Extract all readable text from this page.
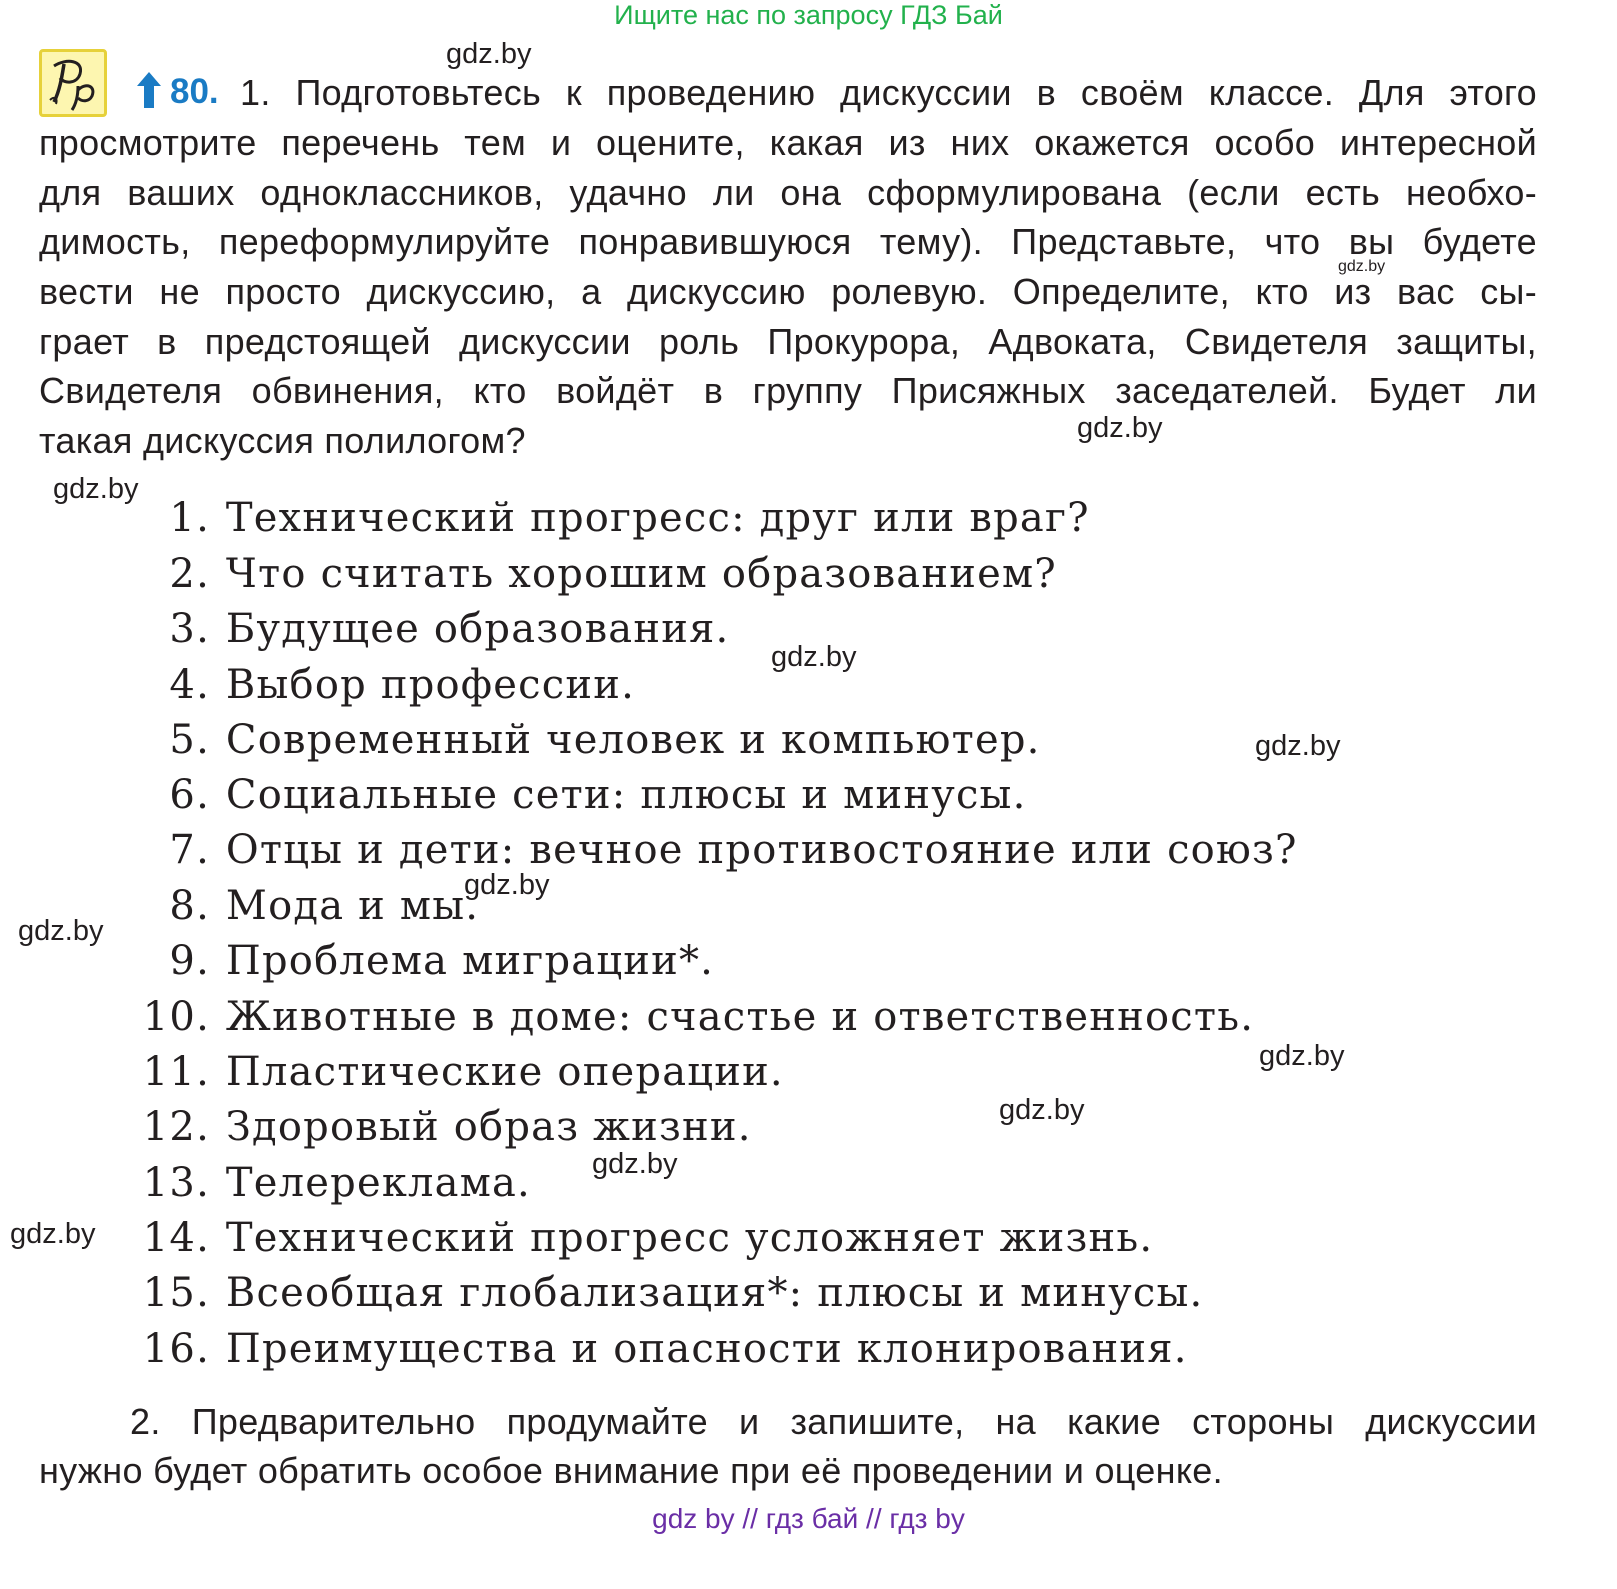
Ищите нас по запросу ГДЗ Бай
gdz.by
gdz.by
gdz.by
gdz.by
gdz.by
gdz.by
gdz.by
gdz.by
gdz.by
gdz.by
gdz.by
gdz.by
80. 1. Подготовьтесь к проведению дискуссии в своём классе. Для этого
просмотрите перечень тем и оцените, какая из них окажется особо интересной
для ваших одноклассников, удачно ли она сформулирована (если есть необхо-
димость, переформулируйте понравившуюся тему). Представьте, что вы будете
вести не просто дискуссию, а дискуссию ролевую. Определите, кто из вас сы-
грает в предстоящей дискуссии роль Прокурора, Адвоката, Свидетеля защиты,
Свидетеля обвинения, кто войдёт в группу Присяжных заседателей. Будет ли
такая дискуссия полилогом?
1. Технический прогресс: друг или враг?
2. Что считать хорошим образованием?
3. Будущее образования.
4. Выбор профессии.
5. Современный человек и компьютер.
6. Социальные сети: плюсы и минусы.
7. Отцы и дети: вечное противостояние или союз?
8. Мода и мы.
9. Проблема миграции*.
10. Животные в доме: счастье и ответственность.
11. Пластические операции.
12. Здоровый образ жизни.
13. Телереклама.
14. Технический прогресс усложняет жизнь.
15. Всеобщая глобализация*: плюсы и минусы.
16. Преимущества и опасности клонирования.
2. Предварительно продумайте и запишите, на какие стороны дискуссии
нужно будет обратить особое внимание при её проведении и оценке.
gdz by // гдз бай // гдз by
